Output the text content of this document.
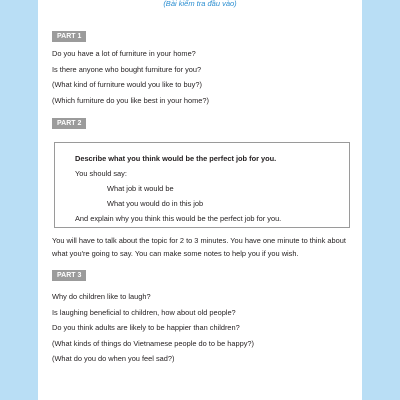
(Bài kiểm tra đầu vào)
PART 1
Do you have a lot of furniture in your home?
Is there anyone who bought furniture for you?
(What kind of furniture would you like to buy?)
(Which furniture do you like best in your home?)
PART 2
Describe what you think would be the perfect job for you.
You should say:
What job it would be
What you would do in this job
And explain why you think this would be the perfect job for you.
You will have to talk about the topic for 2 to 3 minutes. You have one minute to think about what you're going to say. You can make some notes to help you if you wish.
PART 3
Why do children like to laugh?
Is laughing beneficial to children, how about old people?
Do you think adults are likely to be happier than children?
(What kinds of things do Vietnamese people do to be happy?)
(What do you do when you feel sad?)
